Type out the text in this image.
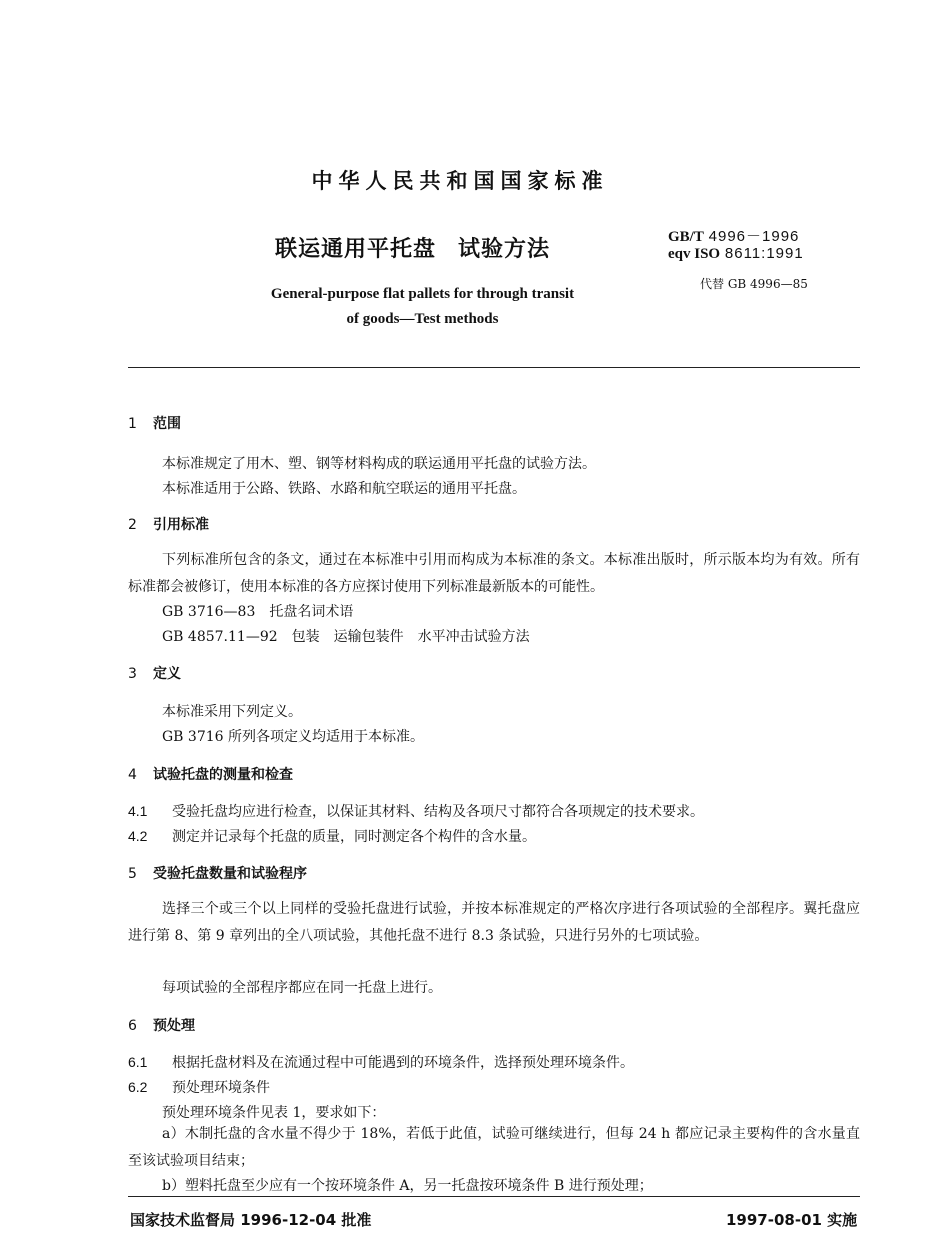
中华人民共和国国家标准
联运通用平托盘 试验方法	GB/T 4996－1996
eqv ISO 8611:1991
代替 GB 4996—85
General-purpose flat pallets for through transit
of goods—Test methods
1 范围
本标准规定了用木、塑、钢等材料构成的联运通用平托盘的试验方法。
本标准适用于公路、铁路、水路和航空联运的通用平托盘。
2 引用标准
下列标准所包含的条文，通过在本标准中引用而构成为本标准的条文。本标准出版时，所示版本均为有效。所有标准都会被修订，使用本标准的各方应探讨使用下列标准最新版本的可能性。
GB 3716—83　托盘名词术语
GB 4857.11—92　包装　运输包装件　水平冲击试验方法
3 定义
本标准采用下列定义。
GB 3716 所列各项定义均适用于本标准。
4 试验托盘的测量和检查
4.1 受验托盘均应进行检查，以保证其材料、结构及各项尺寸都符合各项规定的技术要求。
4.2 测定并记录每个托盘的质量，同时测定各个构件的含水量。
5 受验托盘数量和试验程序
选择三个或三个以上同样的受验托盘进行试验，并按本标准规定的严格次序进行各项试验的全部程序。翼托盘应进行第 8、第 9 章列出的全八项试验，其他托盘不进行 8.3 条试验，只进行另外的七项试验。
每项试验的全部程序都应在同一托盘上进行。
6 预处理
6.1 根据托盘材料及在流通过程中可能遇到的环境条件，选择预处理环境条件。
6.2 预处理环境条件
预处理环境条件见表 1，要求如下：
a）木制托盘的含水量不得少于 18%，若低于此值，试验可继续进行，但每 24 h 都应记录主要构件的含水量直至该试验项目结束；
b）塑料托盘至少应有一个按环境条件 A，另一托盘按环境条件 B 进行预处理；
国家技术监督局 1996-12-04 批准	1997-08-01 实施
